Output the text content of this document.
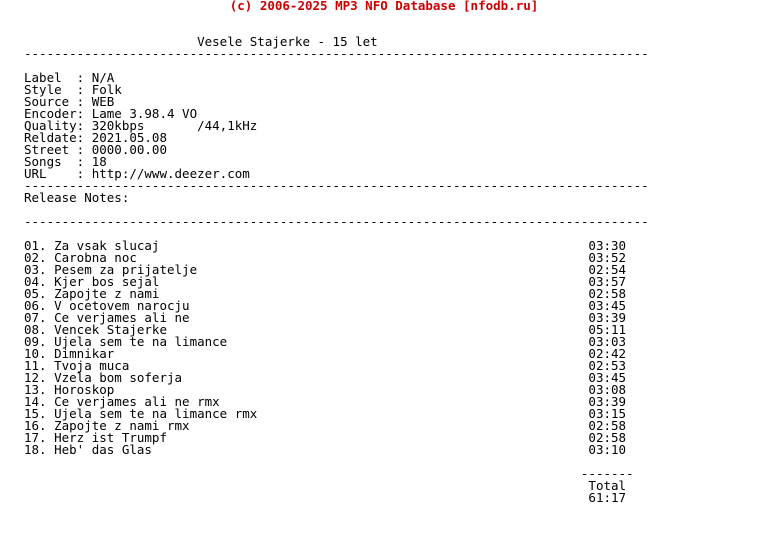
(c) 2006-2025 MP3 NFO Database [nfodb.ru]
Vesele Stajerke - 15 let
-----------------------------------------------------------------------------------
Label  : N/A
Style  : Folk
Source : WEB
Encoder: Lame 3.98.4 VO
Quality: 320kbps       /44,1kHz
Reldate: 2021.05.08
Street : 0000.00.00
Songs  : 18
URL    : http://www.deezer.com
-----------------------------------------------------------------------------------
Release Notes:
-----------------------------------------------------------------------------------
01. Za vsak slucaj                                                         03:30
02. Carobna noc                                                            03:52
03. Pesem za prijatelje                                                    02:54
04. Kjer bos sejal                                                         03:57
05. Zapojte z nami                                                         02:58
06. V ocetovem narocju                                                     03:45
07. Ce verjames ali ne                                                     03:39
08. Vencek Stajerke                                                        05:11
09. Ujela sem te na limance                                                03:03
10. Dimnikar                                                               02:42
11. Tvoja muca                                                             02:53
12. Vzela bom soferja                                                      03:45
13. Horoskop                                                               03:08
14. Ce verjames ali ne rmx                                                 03:39
15. Ujela sem te na limance rmx                                            03:15
16. Zapojte z nami rmx                                                     02:58
17. Herz ist Trumpf                                                        02:58
18. Heb' das Glas                                                          03:10
-------
Total
61:17
